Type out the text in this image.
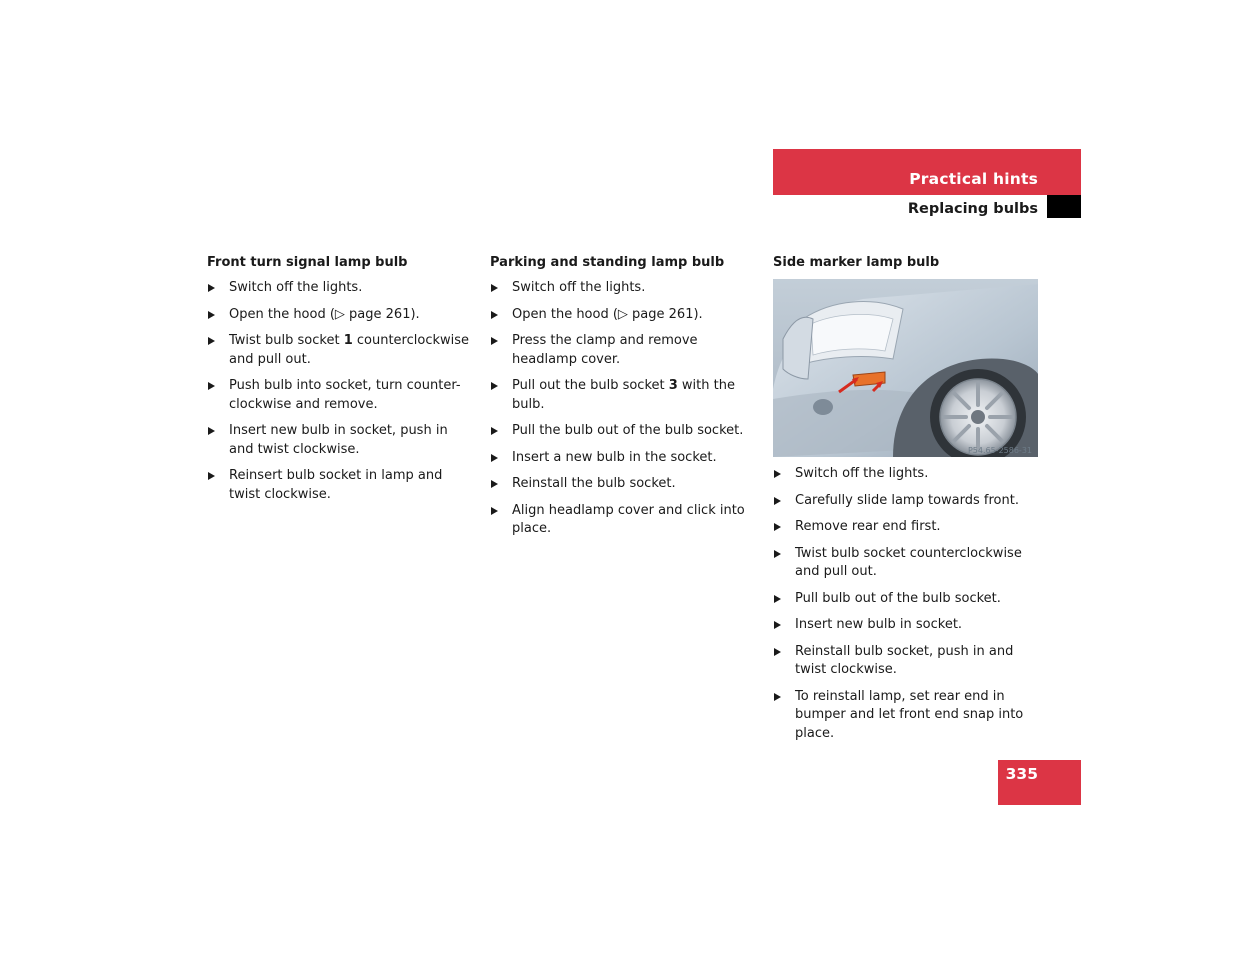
Practical hints
Replacing bulbs
Front turn signal lamp bulb
Switch off the lights.
Open the hood (▷ page 261).
Twist bulb socket 1 counterclockwise and pull out.
Push bulb into socket, turn counter-clockwise and remove.
Insert new bulb in socket, push in and twist clockwise.
Reinsert bulb socket in lamp and twist clockwise.
Parking and standing lamp bulb
Switch off the lights.
Open the hood (▷ page 261).
Press the clamp and remove headlamp cover.
Pull out the bulb socket 3 with the bulb.
Pull the bulb out of the bulb socket.
Insert a new bulb in the socket.
Reinstall the bulb socket.
Align headlamp cover and click into place.
Side marker lamp bulb
P54.65-2586-31
Switch off the lights.
Carefully slide lamp towards front.
Remove rear end first.
Twist bulb socket counterclockwise and pull out.
Pull bulb out of the bulb socket.
Insert new bulb in socket.
Reinstall bulb socket, push in and twist clockwise.
To reinstall lamp, set rear end in bumper and let front end snap into place.
335
